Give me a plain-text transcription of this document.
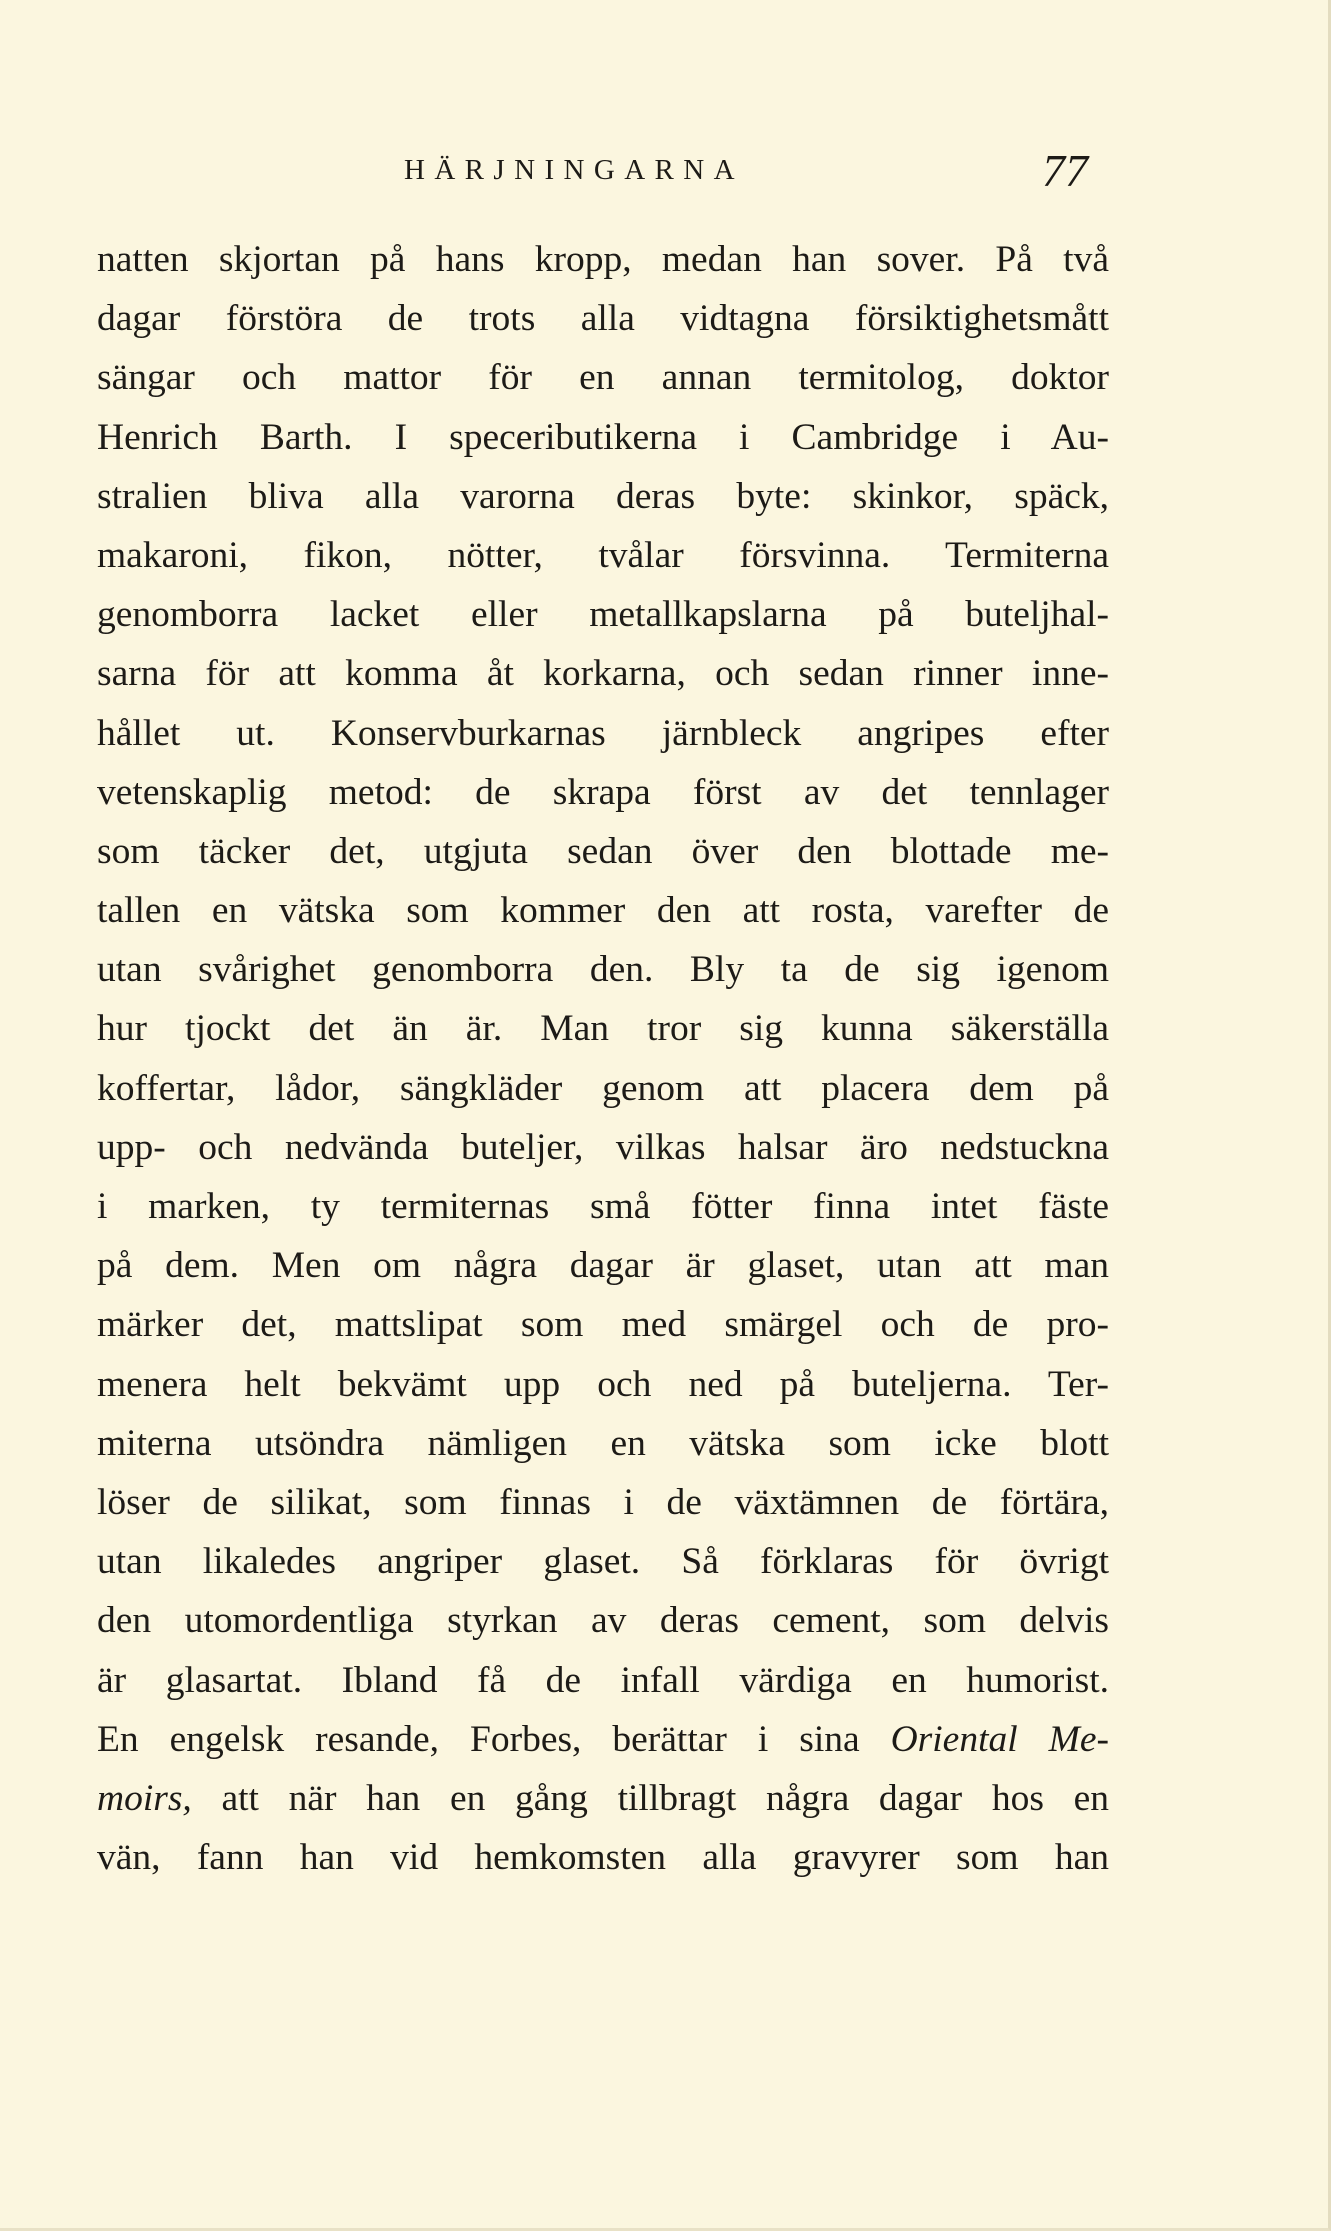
HÄRJNINGARNA	77
natten skjortan på hans kropp, medan han sover. På två
dagar förstöra de trots alla vidtagna försiktighetsmått
sängar och mattor för en annan termitolog, doktor
Henrich Barth. I speceributikerna i Cambridge i Au-
stralien bliva alla varorna deras byte: skinkor, späck,
makaroni, fikon, nötter, tvålar försvinna. Termiterna
genomborra lacket eller metallkapslarna på buteljhal-
sarna för att komma åt korkarna, och sedan rinner inne-
hållet ut. Konservburkarnas järnbleck angripes efter
vetenskaplig metod: de skrapa först av det tennlager
som täcker det, utgjuta sedan över den blottade me-
tallen en vätska som kommer den att rosta, varefter de
utan svårighet genomborra den. Bly ta de sig igenom
hur tjockt det än är. Man tror sig kunna säkerställa
koffertar, lådor, sängkläder genom att placera dem på
upp- och nedvända buteljer, vilkas halsar äro nedstuckna
i marken, ty termiternas små fötter finna intet fäste
på dem. Men om några dagar är glaset, utan att man
märker det, mattslipat som med smärgel och de pro-
menera helt bekvämt upp och ned på buteljerna. Ter-
miterna utsöndra nämligen en vätska som icke blott
löser de silikat, som finnas i de växtämnen de förtära,
utan likaledes angriper glaset. Så förklaras för övrigt
den utomordentliga styrkan av deras cement, som delvis
är glasartat. Ibland få de infall värdiga en humorist.
En engelsk resande, Forbes, berättar i sina Oriental Me-
moirs, att när han en gång tillbragt några dagar hos en
vän, fann han vid hemkomsten alla gravyrer som han
